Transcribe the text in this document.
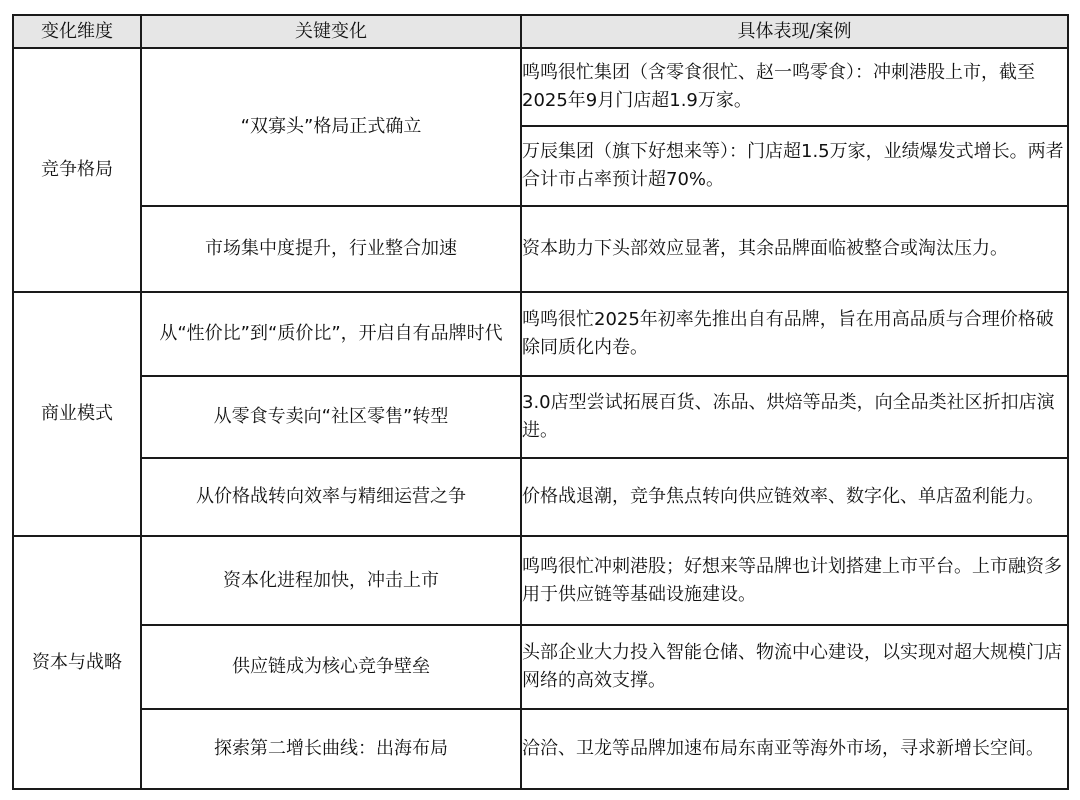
变化维度	关键变化	具体表现/案例
竞争格局	“双寡头”格局正式确立	鸣鸣很忙集团（含零食很忙、赵一鸣零食）：冲刺港股上市，截至2025年9月门店超1.9万家。
		万辰集团（旗下好想来等）：门店超1.5万家，业绩爆发式增长。两者合计市占率预计超70%。
	市场集中度提升，行业整合加速	资本助力下头部效应显著，其余品牌面临被整合或淘汰压力。
商业模式	从“性价比”到“质价比”，开启自有品牌时代	鸣鸣很忙2025年初率先推出自有品牌，旨在用高品质与合理价格破除同质化内卷。
	从零食专卖向“社区零售”转型	3.0店型尝试拓展百货、冻品、烘焙等品类，向全品类社区折扣店演进。
	从价格战转向效率与精细运营之争	价格战退潮，竞争焦点转向供应链效率、数字化、单店盈利能力。
资本与战略	资本化进程加快，冲击上市	鸣鸣很忙冲刺港股；好想来等品牌也计划搭建上市平台。上市融资多用于供应链等基础设施建设。
	供应链成为核心竞争壁垒	头部企业大力投入智能仓储、物流中心建设，以实现对超大规模门店网络的高效支撑。
	探索第二增长曲线：出海布局	洽洽、卫龙等品牌加速布局东南亚等海外市场，寻求新增长空间。
